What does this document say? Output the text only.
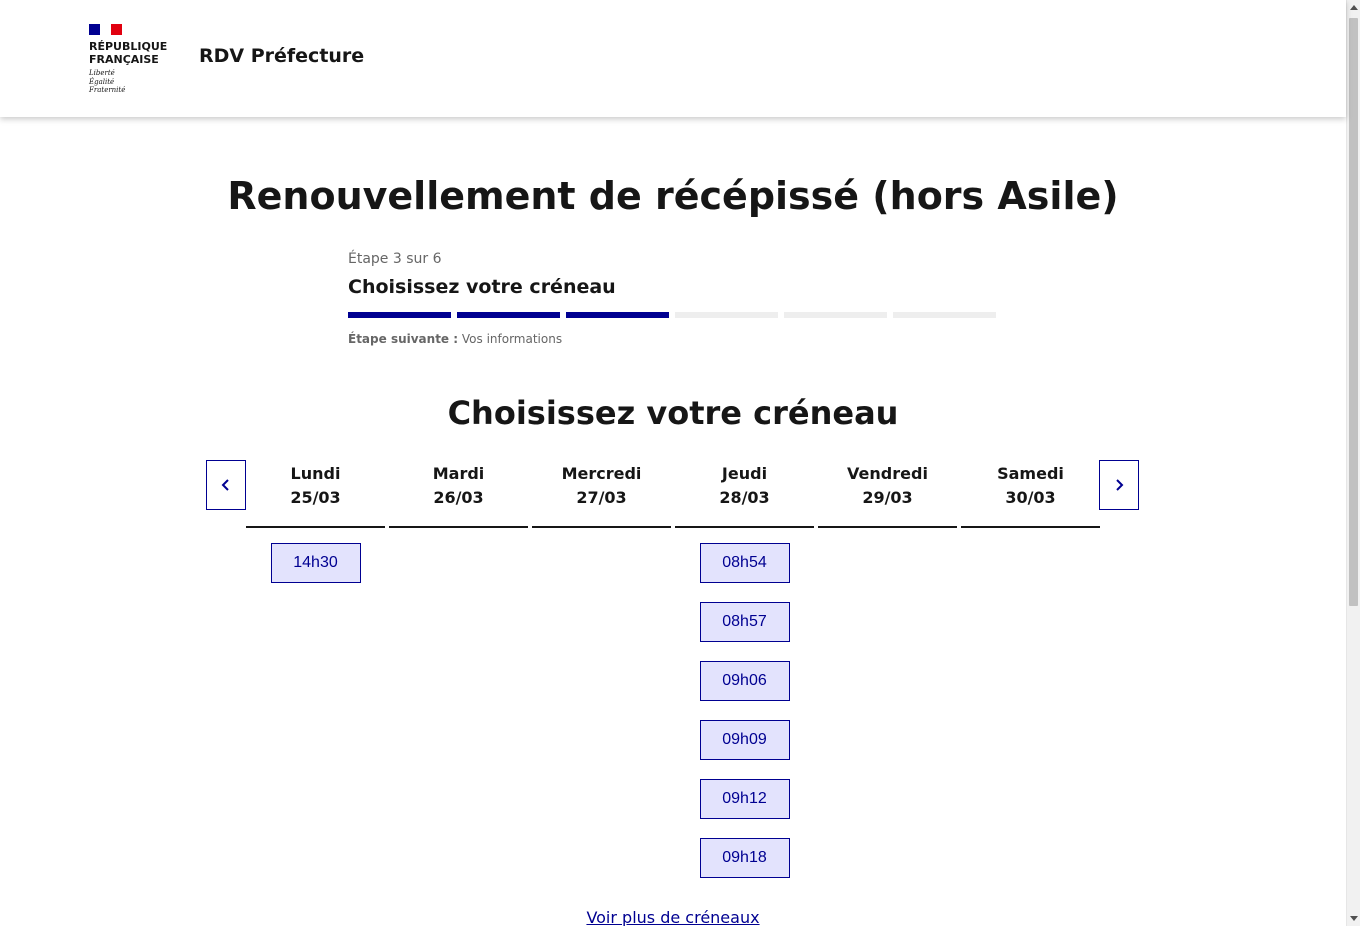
RÉPUBLIQUE
FRANÇAISE
Liberté
Égalité
Fraternité
RDV Préfecture
Renouvellement de récépissé (hors Asile)
Étape 3 sur 6
Choisissez votre créneau
Étape suivante : Vos informations
Choisissez votre créneau
Lundi
25/03
14h30
Mardi
26/03
Mercredi
27/03
Jeudi
28/03
08h54
08h57
09h06
09h09
09h12
09h18
Vendredi
29/03
Samedi
30/03
Voir plus de créneaux
